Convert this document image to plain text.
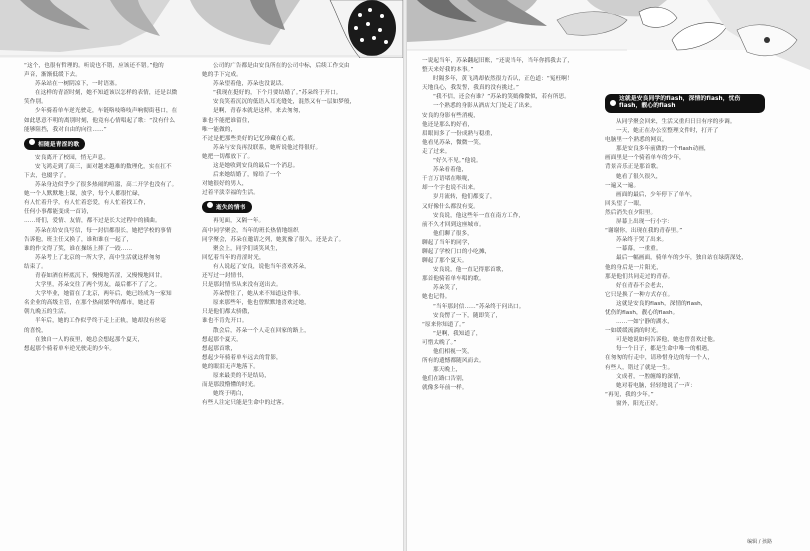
“这个，也很有哲理的。听说也不错，应该还不错。”他的

声音，渐渐低缓下去。

苏朵站在一树阴凉下，一时语塞。

在这样的青涩时刻，她不知道该以怎样的表情，还是以微

笑作别。

少年骑着单车逆光驶走，车链咯吱咯吱声响彻街巷口，在

如此思意不明的离别时刻，他竟有心情唱起了歌：“没有什么

能够阻挡，我对自由的向往……”

相随是青涩的歌

安良离开了校园，悄无声息。

安飞鸿走到了高三，面对越来越难的数理化，实在扛不

下去，也辍学了。

苏朵身边似乎少了很多热闹的喧嚣，高二开学也没有了。

她一个人默默地上课，放学，每个人都很忙碌，

有人忙着升学，有人忙着恋爱，有人忙着找工作，

任何小事都能变成一首诗，

……哥们，爱情、友情，都不过是长大过程中的插曲。

苏朵在给安良写信，每一封信都很长，她把学校的事情

告诉他，班主任又换了，谁和谁在一起了，

谁的作文得了奖，谁在操场上摔了一跤……

苏朵考上了北京的一所大学，高中生活就这样匆匆

结束了。

青春如酒在杯底沉下，慢慢地苦涩，又慢慢地回甘。

大学里，苏朵交往了两个男友，最后都不了了之。

大学毕业，她留在了北京，两年后，她已经成为一家知

名企业的高级主管，在那个热闹繁华的都市，她过着

朝九晚五的生活。

半年后，她的工作似乎终于走上正轨，她却没有丝毫

的喜悦，

在独自一人的夜里，她总会想起那个夏天，

想起那个骑着单车逆光驶走的少年。

公司的广告都是由安良所在的公司中标，后续工作交由

她的手下完成。

苏朵望着他，苏朵也没说话。

“我现在挺好的，下个月要结婚了。”苏朵终于开口。

安良笑着沉沉的低语入耳光缝处，混然又有一层如梦般，

是啊，青春本就是这样，来去匆匆，

谁也不能把谁留住，

唯一能做的，

不过是把那些美好的记忆珍藏在心底。

苏朵与安良再没联系，她听说他过得很好。

她把一切都放下了。

这是她收到安良的最后一个消息。

后来她结婚了，嫁给了一个

对她很好的男人，

过着平淡幸福的生活。

逝失的情书

再见面，又隔一年。

高中同学聚会，当年的班长热情地组织

同学聚会，苏朵在邀请之列，她犹豫了很久，还是去了。

聚会上，同学们谈笑风生，

回忆着当年的青涩时光，

有人说起了安良，说他当年喜欢苏朵，

还写过一封情书，

只是那封情书从来没有送出去。

苏朵愣住了，她从来不知道这件事。

原来那些年，他也曾默默地喜欢过她，

只是他们都太骄傲，

谁也不肯先开口。

散会后，苏朵一个人走在回家的路上，

想起那个夏天，

想起那首歌，

想起少年骑着单车远去的背影，

她的眼泪无声地落下。

原来最美的不是结局，

而是那段懵懂的时光。

她终于明白，

有些人注定只能是生命中的过客。

一说起当年，苏朵翻起旧账，“还说当年，当年你抓我去了，

整天来好我的本事。”

时隔多年，黄飞鸿却依然很力否认，正色道：“冤枉啊！

天地良心，我发誓，我真的没有挑过。”

“我不信，还会有谁？”苏朵的笑嫣像微似，若有所思。

一个熟悉的身影从酒店大门处走了出来。

安良的身影有些消瘦，

他还是那么的好看，

眉眼间多了一份成熟与稳重，

他看见苏朵，微微一笑，

走了过来。

“好久不见。”他说。

苏朵看着他，

千言万语堵在喉咙，

却一个字也说不出来。

岁月流转，他们都变了，

又好像什么都没有变。

安良说，他这些年一直在南方工作，

前不久才回到这座城市。

他们聊了很多，

聊起了当年的同学，

聊起了学校门口的小吃摊，

聊起了那个夏天。

安良说，他一直记得那首歌，

那首他骑着单车唱的歌。

苏朵笑了，

她也记得。

“当年那封信……”苏朵终于问出口。

安良愣了一下，随即笑了，

“原来你知道了。”

“是啊，我知道了，

可惜太晚了。”

他们相视一笑，

所有的遗憾都随风而去。

那天晚上，

他们在路口告别，

就像多年前一样。

这就是安良同学的flash，深情的flash，忧伤flash，靓心的flash

从同学聚会回来，生活又重归日日有序的步调。

一天，她正在办公室整理文件时，打开了

电脑里一个熟悉的网页，

那是安良多年前做的一个flash动画，

画面里是一个骑着单车的少年，

背景音乐正是那首歌。

她看了很久很久，

一遍又一遍。

画面的最后，少年停下了单车，

回头望了一眼，

然后消失在夕阳里。

屏幕上出现一行小字：

“谢谢你，出现在我的青春里。”

苏朵终于哭了出来。

一幕幕，一重重。

最后一幅画面，骑单车的少年，独自站在绿荫深处，

他的身后是一片阳光，

那是他们共同走过的青春。

好在青春不会老去，

它只是换了一种方式存在。

这就是安良的flash，深情的flash，

忧伤的flash，靓心的flash。

……一如宁静的湖水，

一如缓缓流淌的时光。

可是她说如何告诉他，她也曾喜欢过他。

每一个日子，都是生命中唯一的相遇，

在匆匆的行走中，请珍惜身边的每一个人，

有些人，错过了就是一生。

文成者，一腔缠绵的深情，

她对着电脑，轻轻地说了一声：

“再见，我的少年。”

窗外，阳光正好。

编辑 / 孩路
